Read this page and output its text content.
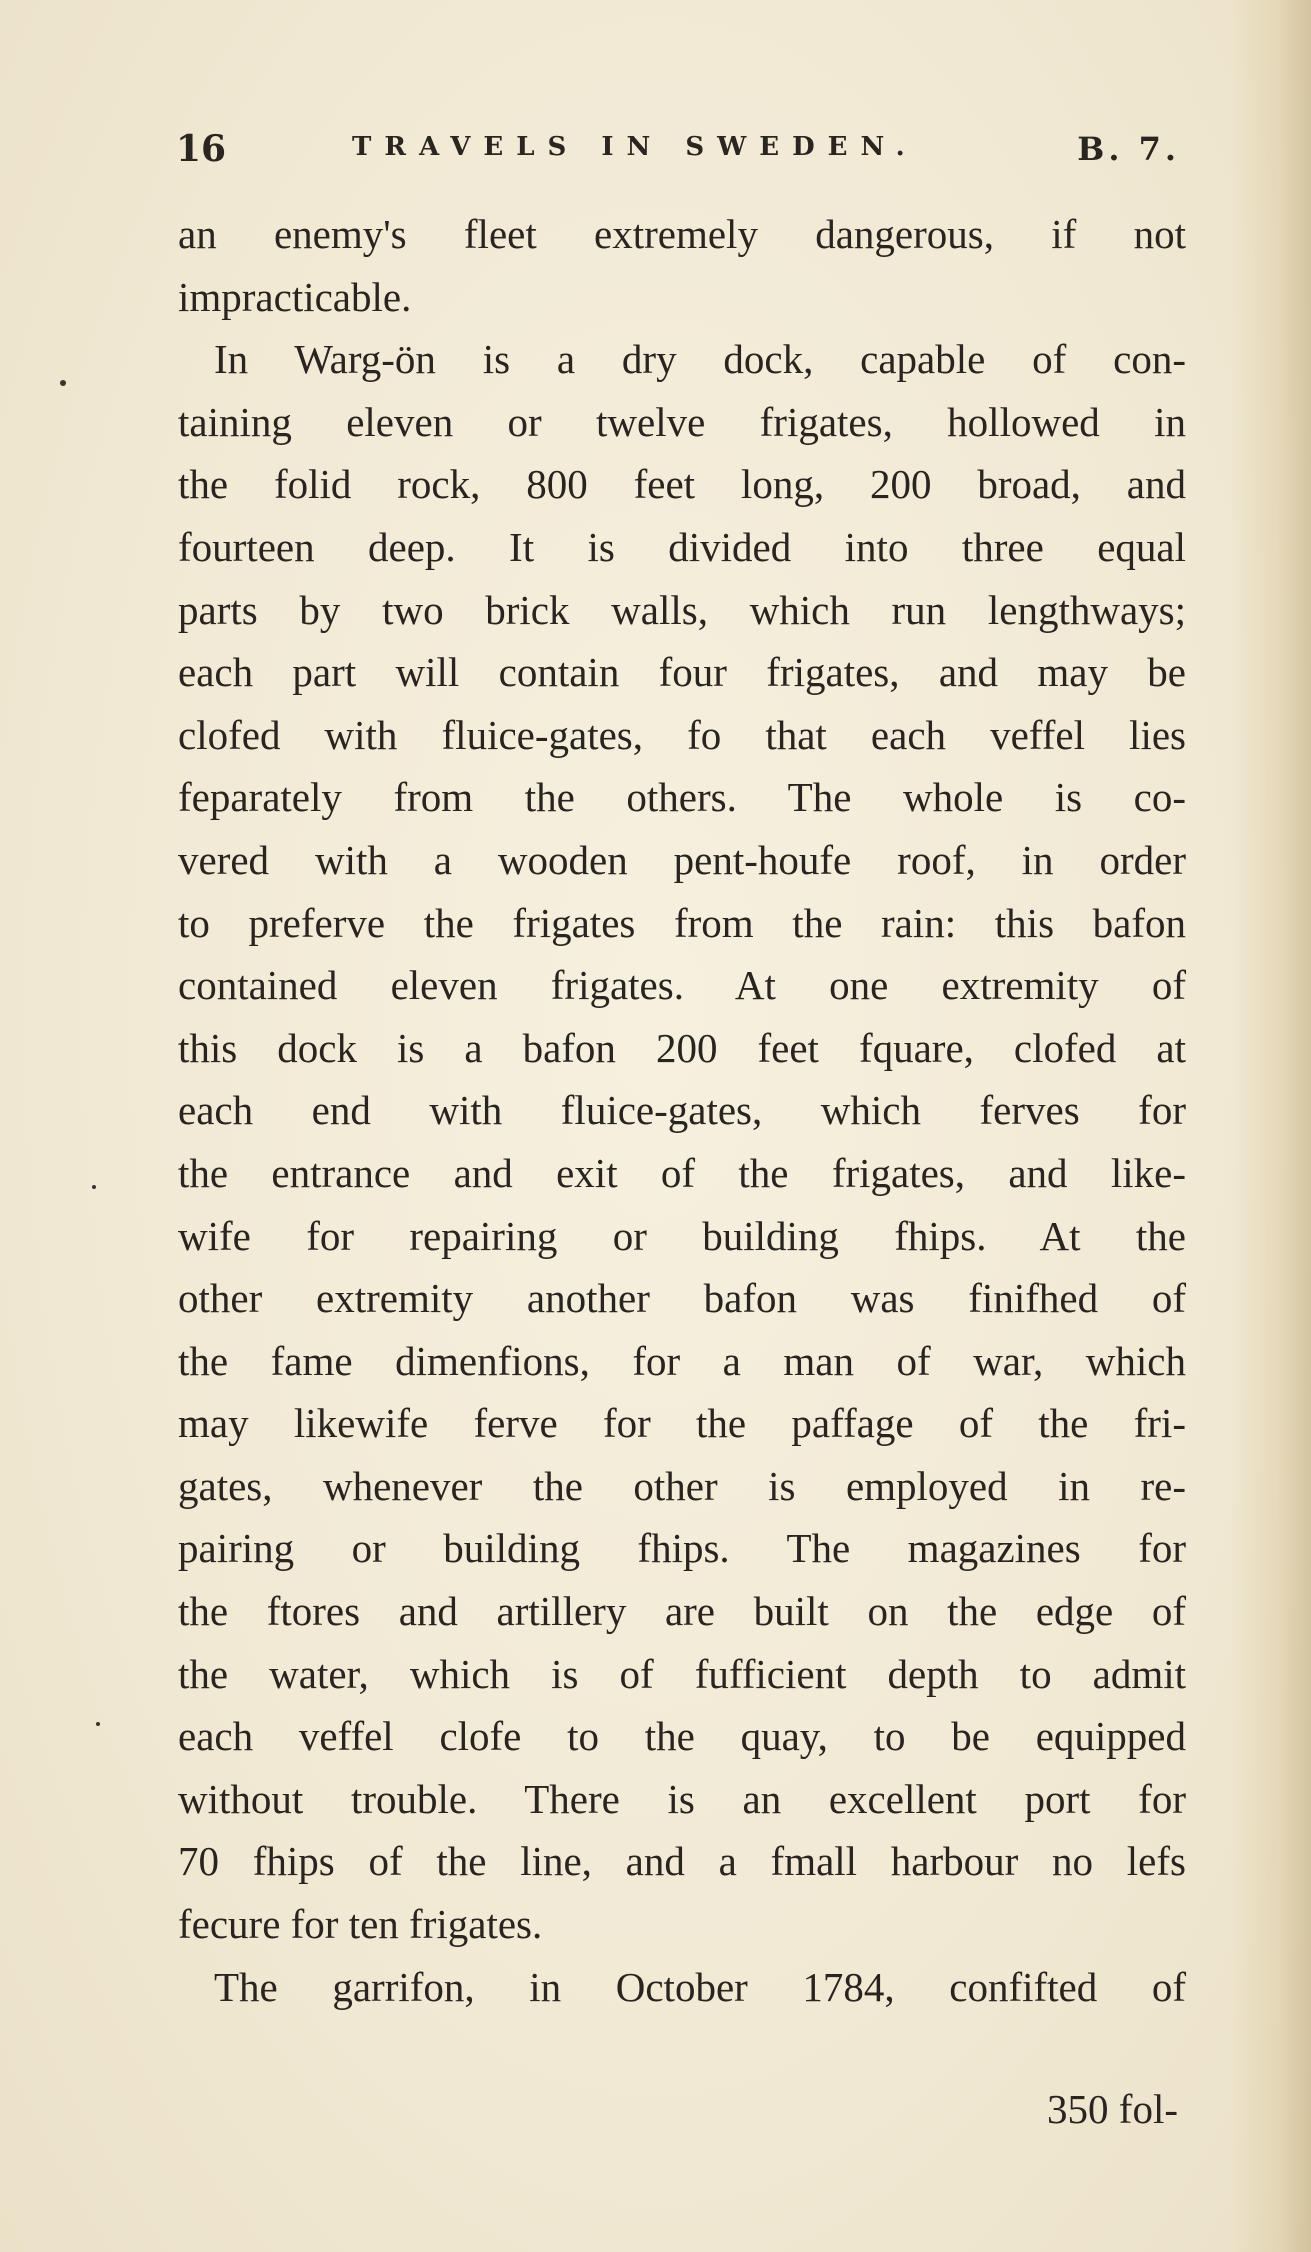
16	TRAVELS IN SWEDEN.	B. 7.
an enemy's fleet extremely dangerous, if not
impracticable.
In Warg-ön is a dry dock, capable of con-
taining eleven or twelve frigates, hollowed in
the folid rock, 800 feet long, 200 broad, and
fourteen deep. It is divided into three equal
parts by two brick walls, which run lengthways;
each part will contain four frigates, and may be
clofed with fluice-gates, fo that each veffel lies
feparately from the others. The whole is co-
vered with a wooden pent-houfe roof, in order
to preferve the frigates from the rain: this bafon
contained eleven frigates. At one extremity of
this dock is a bafon 200 feet fquare, clofed at
each end with fluice-gates, which ferves for
the entrance and exit of the frigates, and like-
wife for repairing or building fhips. At the
other extremity another bafon was finifhed of
the fame dimenfions, for a man of war, which
may likewife ferve for the paffage of the fri-
gates, whenever the other is employed in re-
pairing or building fhips. The magazines for
the ftores and artillery are built on the edge of
the water, which is of fufficient depth to admit
each veffel clofe to the quay, to be equipped
without trouble. There is an excellent port for
70 fhips of the line, and a fmall harbour no lefs
fecure for ten frigates.
The garrifon, in October 1784, confifted of
350 fol-
